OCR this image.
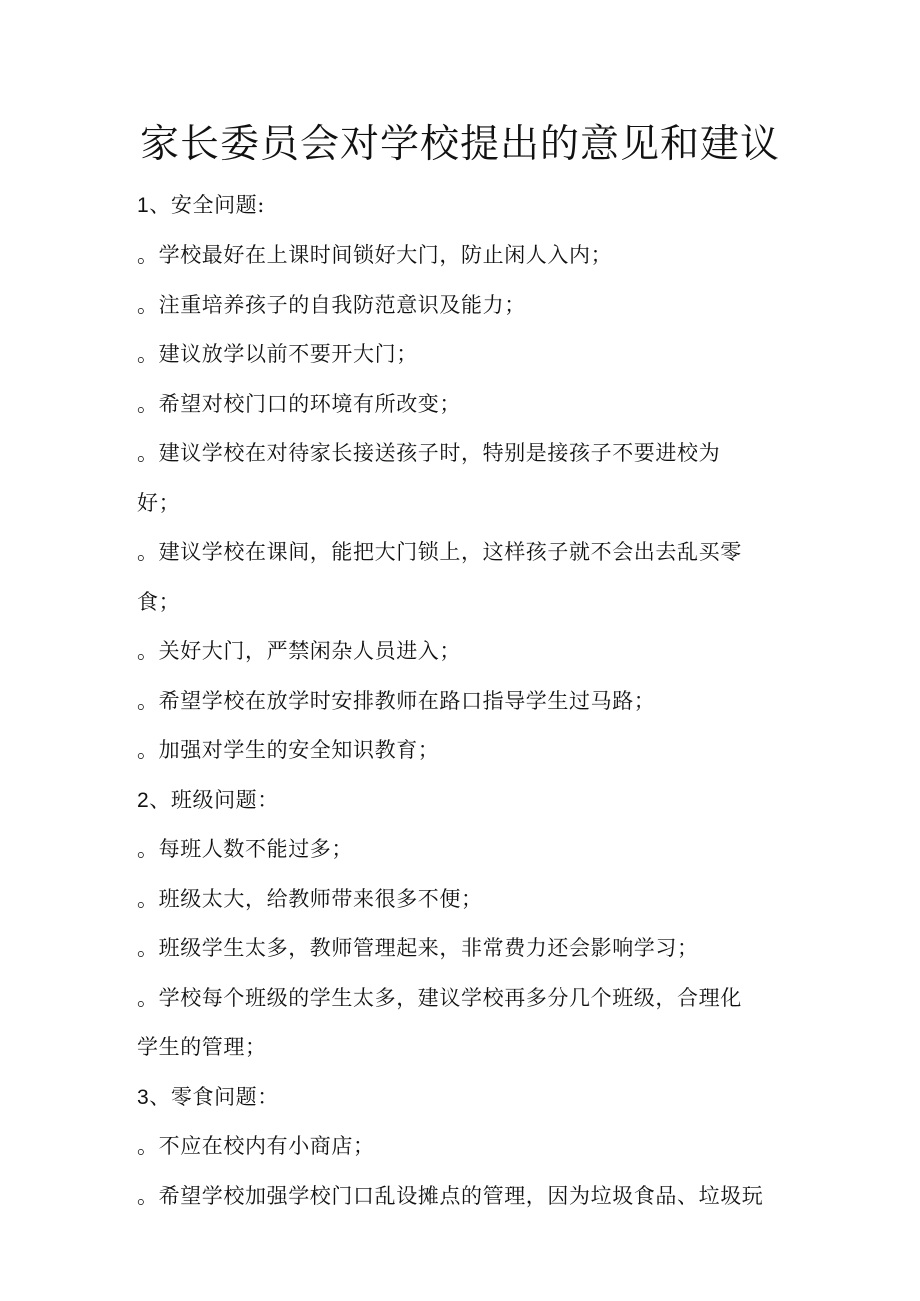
家长委员会对学校提出的意见和建议
1、安全问题:
。学校最好在上课时间锁好大门，防止闲人入内；
。注重培养孩子的自我防范意识及能力；
。建议放学以前不要开大门；
。希望对校门口的环境有所改变；
。建议学校在对待家长接送孩子时，特别是接孩子不要进校为
好；
。建议学校在课间，能把大门锁上，这样孩子就不会出去乱买零
食；
。关好大门，严禁闲杂人员进入；
。希望学校在放学时安排教师在路口指导学生过马路；
。加强对学生的安全知识教育；
2、班级问题：
。每班人数不能过多；
。班级太大，给教师带来很多不便；
。班级学生太多，教师管理起来，非常费力还会影响学习；
。学校每个班级的学生太多，建议学校再多分几个班级，合理化
学生的管理；
3、零食问题：
。不应在校内有小商店；
。希望学校加强学校门口乱设摊点的管理，因为垃圾食品、垃圾玩
